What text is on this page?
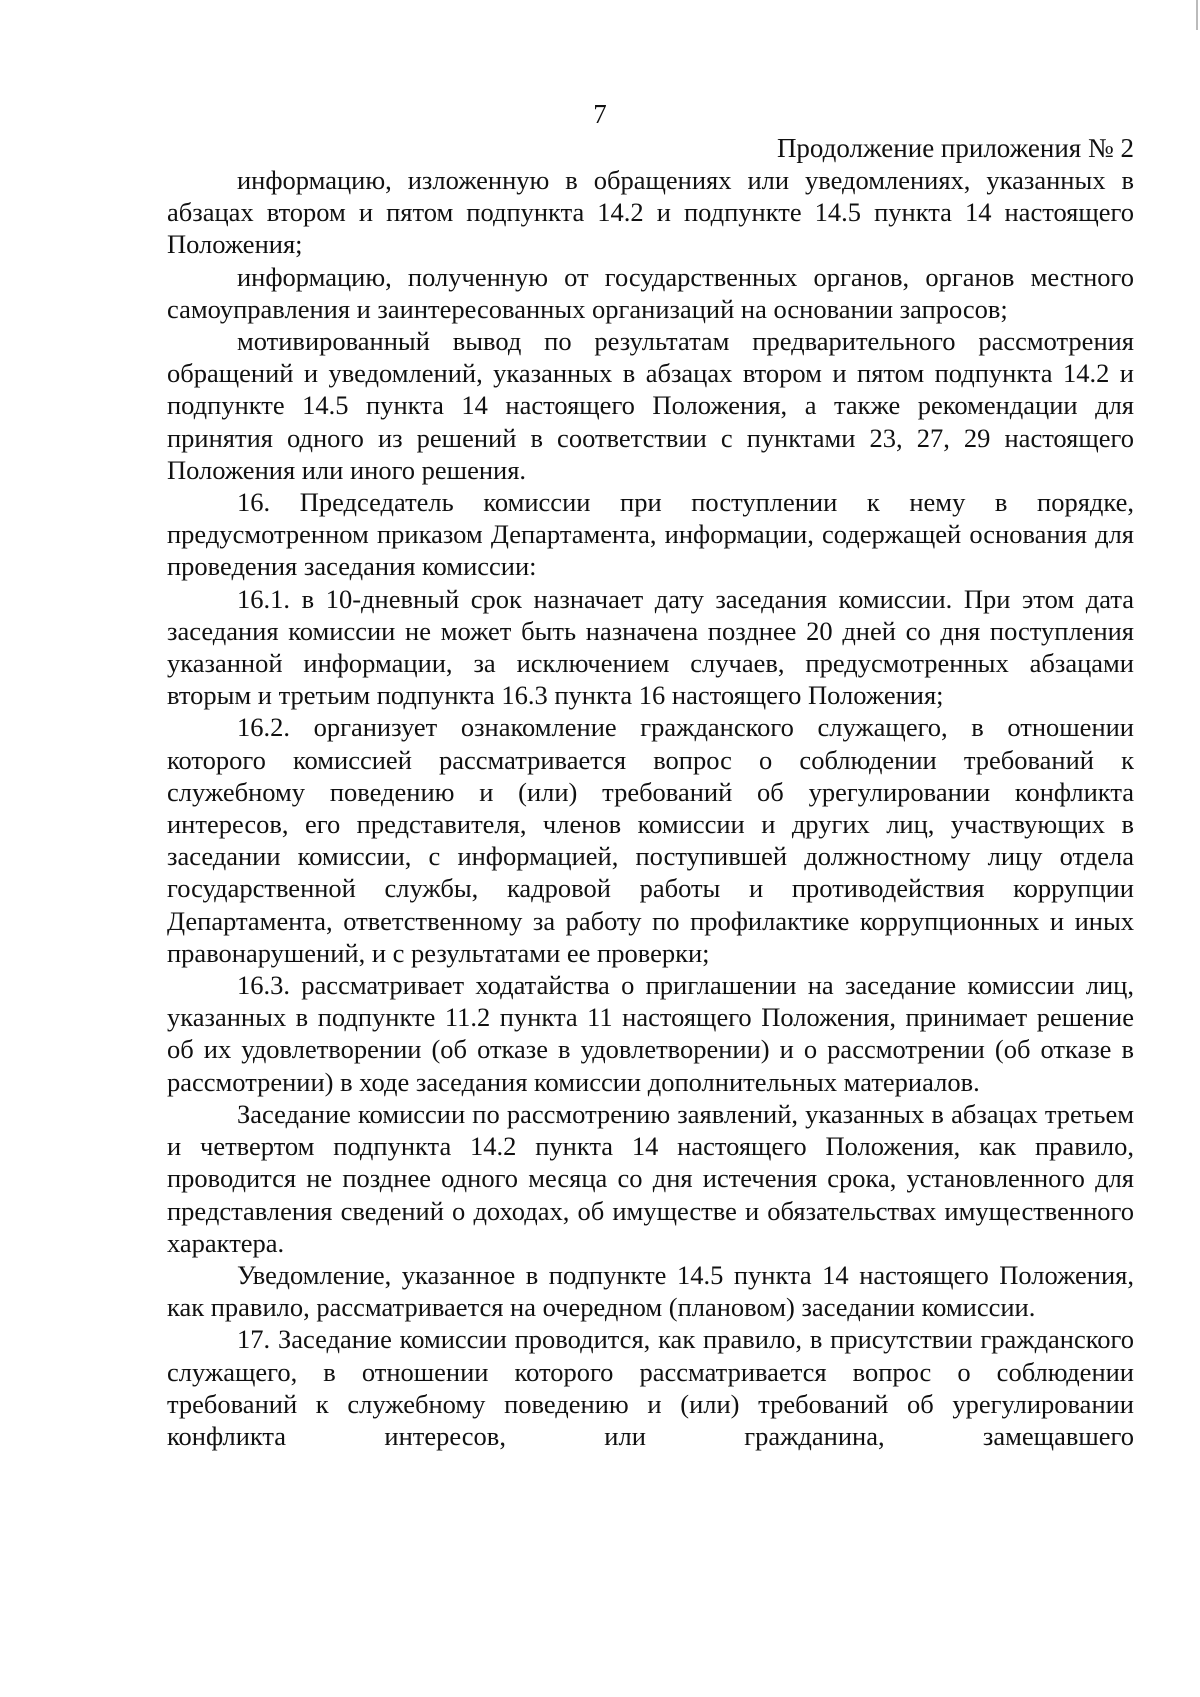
7
Продолжение приложения № 2

информацию, изложенную в обращениях или уведомлениях, указанных в абзацах втором и пятом подпункта 14.2 и подпункте 14.5 пункта 14 настоящего Положения;

информацию, полученную от государственных органов, органов местного самоуправления и заинтересованных организаций на основании запросов;

мотивированный вывод по результатам предварительного рассмотрения обращений и уведомлений, указанных в абзацах втором и пятом подпункта 14.2 и подпункте 14.5 пункта 14 настоящего Положения, а также рекомендации для принятия одного из решений в соответствии с пунктами 23, 27, 29 настоящего Положения или иного решения.

16. Председатель комиссии при поступлении к нему в порядке, предусмотренном приказом Департамента, информации, содержащей основания для проведения заседания комиссии:

16.1. в 10-дневный срок назначает дату заседания комиссии. При этом дата заседания комиссии не может быть назначена позднее 20 дней со дня поступления указанной информации, за исключением случаев, предусмотренных абзацами вторым и третьим подпункта 16.3 пункта 16 настоящего Положения;

16.2. организует ознакомление гражданского служащего, в отношении которого комиссией рассматривается вопрос о соблюдении требований к служебному поведению и (или) требований об урегулировании конфликта интересов, его представителя, членов комиссии и других лиц, участвующих в заседании комиссии, с информацией, поступившей должностному лицу отдела государственной службы, кадровой работы и противодействия коррупции Департамента, ответственному за работу по профилактике коррупционных и иных правонарушений, и с результатами ее проверки;

16.3. рассматривает ходатайства о приглашении на заседание комиссии лиц, указанных в подпункте 11.2 пункта 11 настоящего Положения, принимает решение об их удовлетворении (об отказе в удовлетворении) и о рассмотрении (об отказе в рассмотрении) в ходе заседания комиссии дополнительных материалов.

Заседание комиссии по рассмотрению заявлений, указанных в абзацах третьем и четвертом подпункта 14.2 пункта 14 настоящего Положения, как правило, проводится не позднее одного месяца со дня истечения срока, установленного для представления сведений о доходах, об имуществе и обязательствах имущественного характера.

Уведомление, указанное в подпункте 14.5 пункта 14 настоящего Положения, как правило, рассматривается на очередном (плановом) заседании комиссии.

17. Заседание комиссии проводится, как правило, в присутствии гражданского служащего, в отношении которого рассматривается вопрос о соблюдении требований к служебному поведению и (или) требований об урегулировании конфликта интересов, или гражданина, замещавшего
